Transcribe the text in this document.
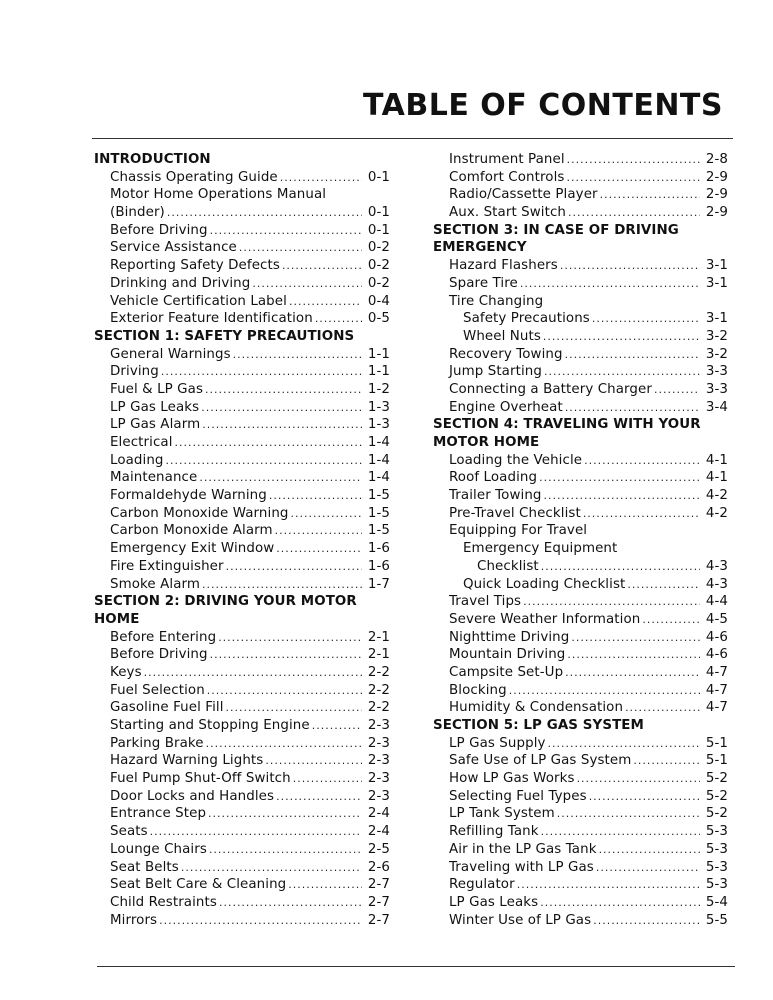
TABLE OF CONTENTS
INTRODUCTION
Chassis Operating Guide .....	0-1
Motor Home Operations Manual
(Binder) .....	0-1
Before Driving .....	0-1
Service Assistance .....	0-2
Reporting Safety Defects .....	0-2
Drinking and Driving .....	0-2
Vehicle Certification Label .....	0-4
Exterior Feature Identification .....	0-5
SECTION 1: SAFETY PRECAUTIONS
General Warnings .....	1-1
Driving .....	1-1
Fuel & LP Gas .....	1-2
LP Gas Leaks .....	1-3
LP Gas Alarm .....	1-3
Electrical .....	1-4
Loading .....	1-4
Maintenance .....	1-4
Formaldehyde Warning .....	1-5
Carbon Monoxide Warning .....	1-5
Carbon Monoxide Alarm .....	1-5
Emergency Exit Window .....	1-6
Fire Extinguisher .....	1-6
Smoke Alarm .....	1-7
SECTION 2: DRIVING YOUR MOTOR
HOME
Before Entering .....	2-1
Before Driving .....	2-1
Keys .....	2-2
Fuel Selection .....	2-2
Gasoline Fuel Fill .....	2-2
Starting and Stopping Engine .....	2-3
Parking Brake .....	2-3
Hazard Warning Lights .....	2-3
Fuel Pump Shut-Off Switch .....	2-3
Door Locks and Handles .....	2-3
Entrance Step .....	2-4
Seats .....	2-4
Lounge Chairs .....	2-5
Seat Belts .....	2-6
Seat Belt Care & Cleaning .....	2-7
Child Restraints .....	2-7
Mirrors .....	2-7
Instrument Panel .....	2-8
Comfort Controls .....	2-9
Radio/Cassette Player .....	2-9
Aux. Start Switch .....	2-9
SECTION 3: IN CASE OF DRIVING
EMERGENCY
Hazard Flashers .....	3-1
Spare Tire .....	3-1
Tire Changing
Safety Precautions .....	3-1
Wheel Nuts .....	3-2
Recovery Towing .....	3-2
Jump Starting .....	3-3
Connecting a Battery Charger .....	3-3
Engine Overheat .....	3-4
SECTION 4: TRAVELING WITH YOUR
MOTOR HOME
Loading the Vehicle .....	4-1
Roof Loading .....	4-1
Trailer Towing .....	4-2
Pre-Travel Checklist .....	4-2
Equipping For Travel
Emergency Equipment
Checklist .....	4-3
Quick Loading Checklist .....	4-3
Travel Tips .....	4-4
Severe Weather Information .....	4-5
Nighttime Driving .....	4-6
Mountain Driving .....	4-6
Campsite Set-Up .....	4-7
Blocking .....	4-7
Humidity & Condensation .....	4-7
SECTION 5: LP GAS SYSTEM
LP Gas Supply .....	5-1
Safe Use of LP Gas System .....	5-1
How LP Gas Works .....	5-2
Selecting Fuel Types .....	5-2
LP Tank System .....	5-2
Refilling Tank .....	5-3
Air in the LP Gas Tank .....	5-3
Traveling with LP Gas .....	5-3
Regulator .....	5-3
LP Gas Leaks .....	5-4
Winter Use of LP Gas .....	5-5
